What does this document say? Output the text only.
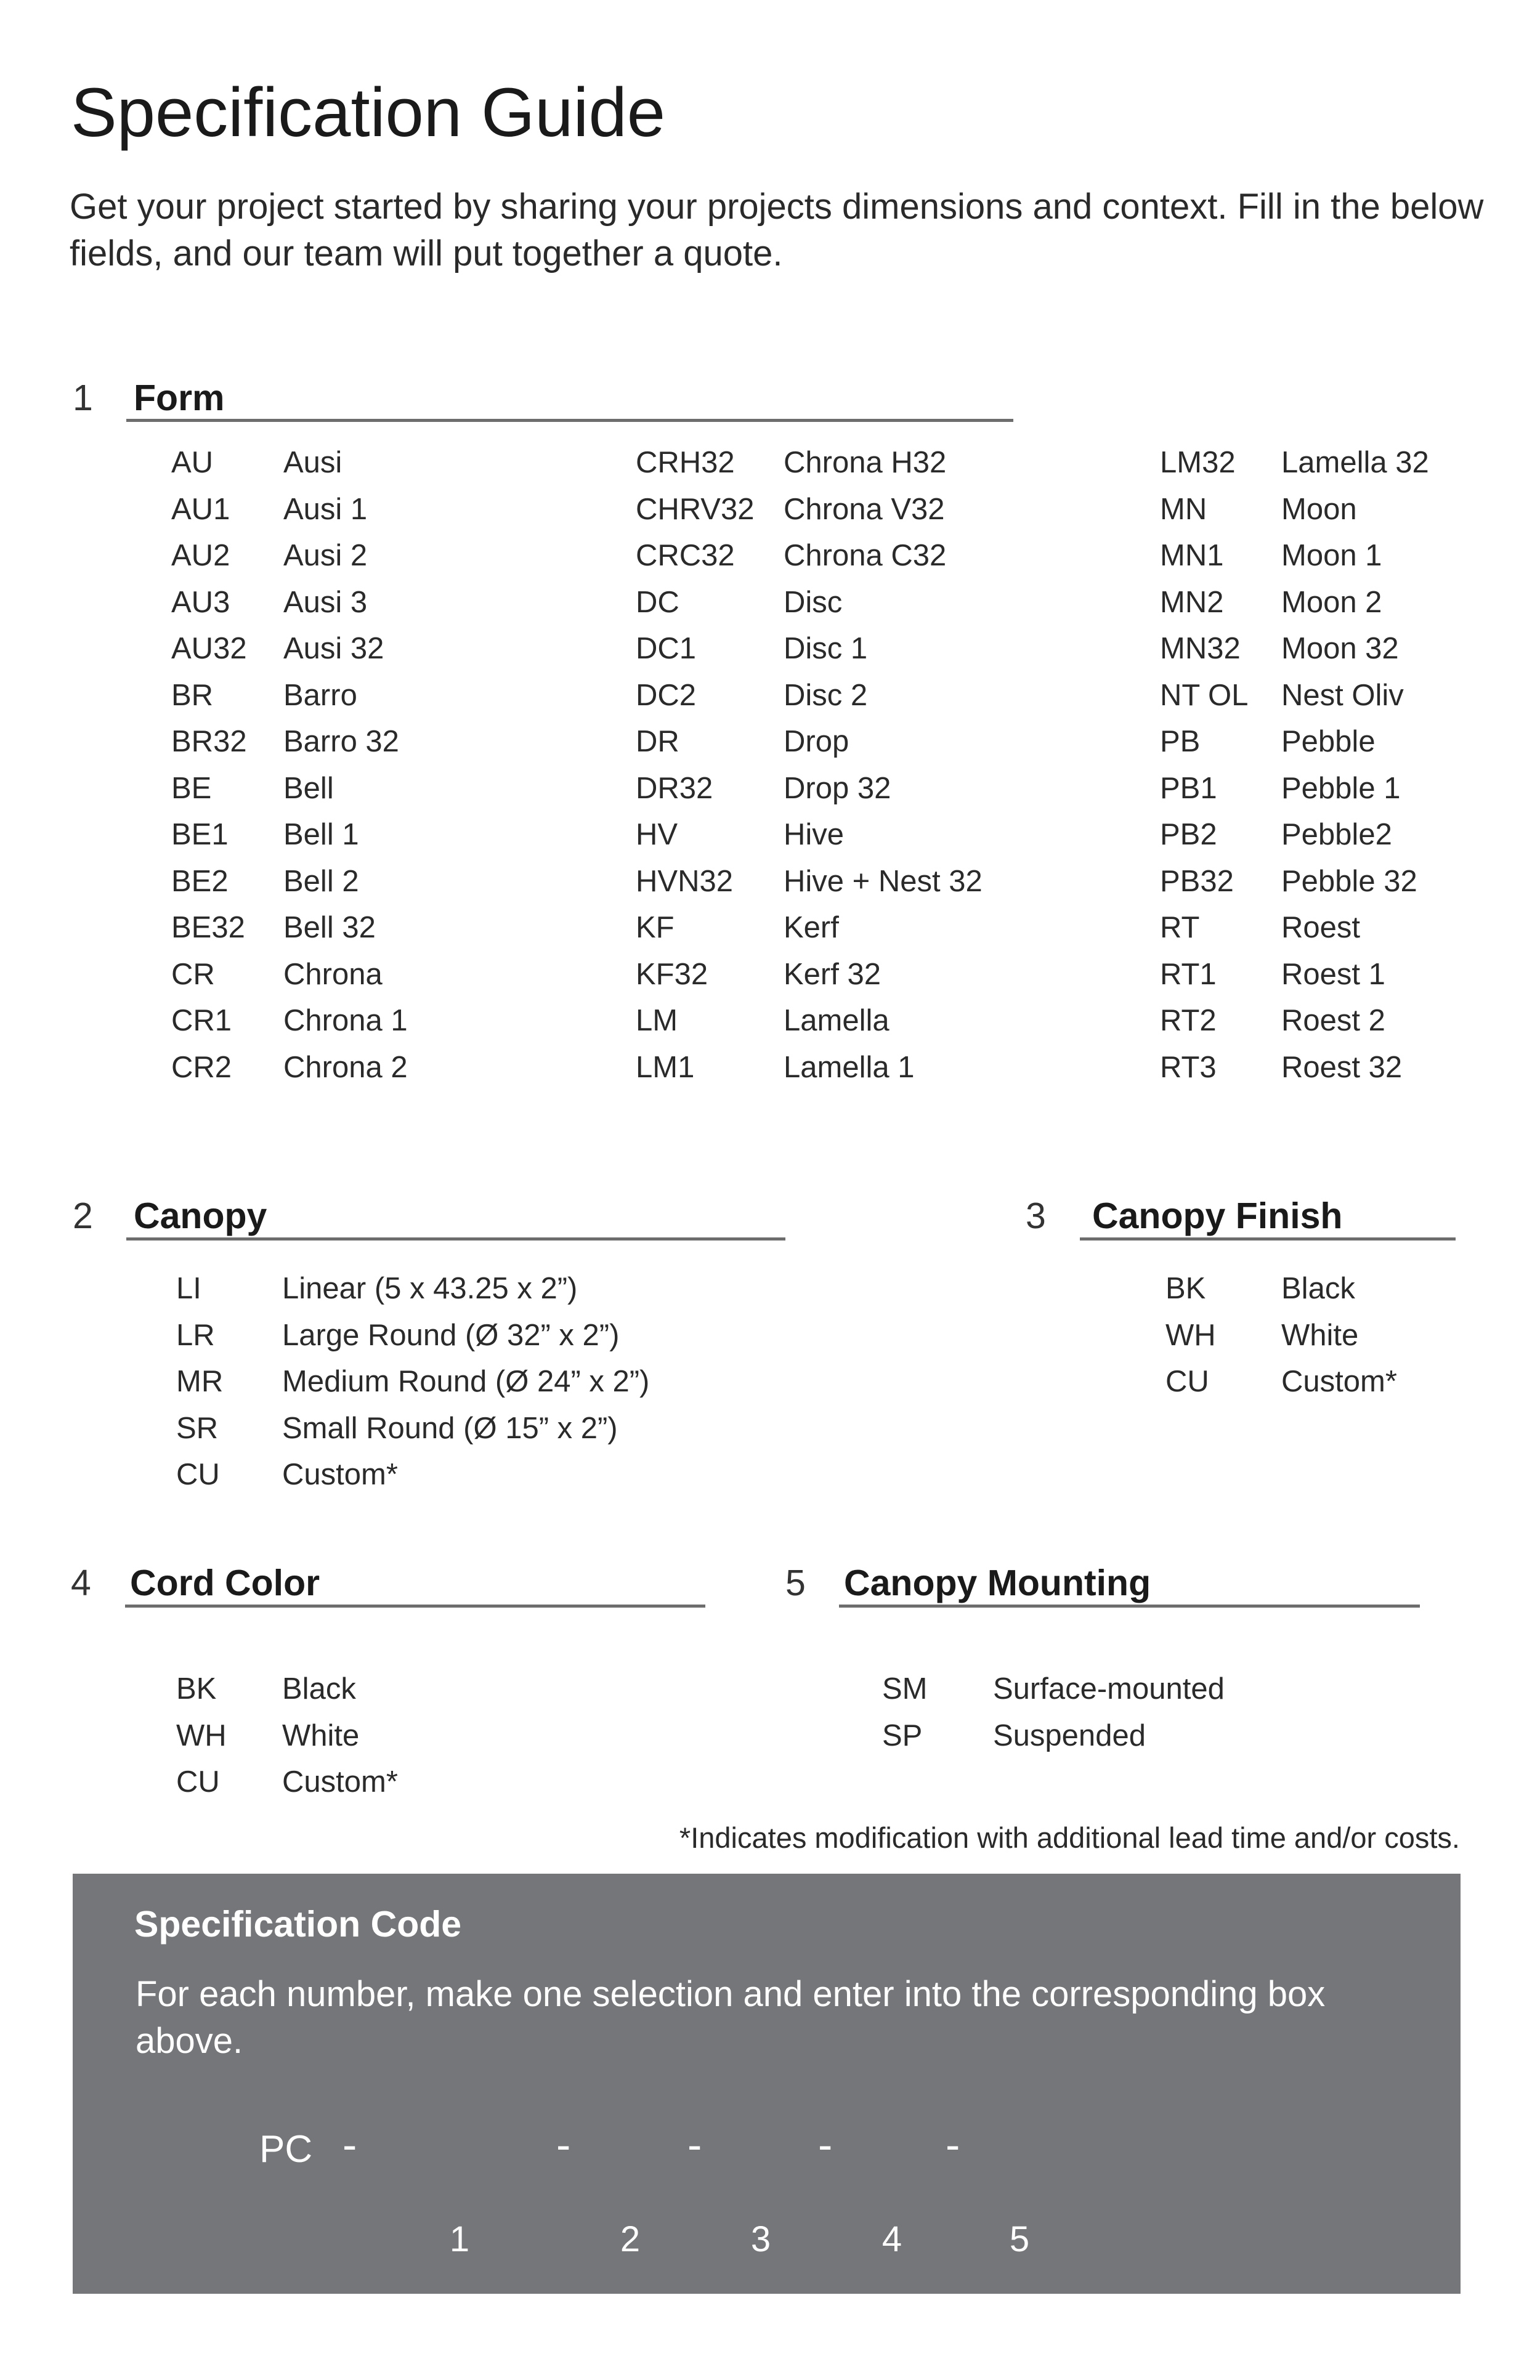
Specification Guide

Get your project started by sharing your projects dimensions and context. Fill in the below fields, and our team will put together a quote.

1 Form
AU Ausi
AU1 Ausi 1
AU2 Ausi 2
AU3 Ausi 3
AU32 Ausi 32
BR Barro
BR32 Barro 32
BE Bell
BE1 Bell 1
BE2 Bell 2
BE32 Bell 32
CR Chrona
CR1 Chrona 1
CR2 Chrona 2
CRH32 Chrona H32
CHRV32 Chrona V32
CRC32 Chrona C32
DC	Disc
DC1	Disc 1
DC2	Disc 2
DR	Drop
DR32 Drop 32
HV	Hive
HVN32 Hive + Nest 32
KF	Kerf
KF32	Kerf 32
LM	Lamella
LM1	Lamella 1
LM32 Lamella 32
MN Moon
MN1 Moon 1
MN2 Moon 2
MN32 Moon 32
NT OL Nest Oliv
PB	Pebble
PB1 Pebble 1
PB2 Pebble2
PB32 Pebble 32
RT	Roest
RT1 Roest 1
RT2 Roest 2
RT3 Roest 32
2 Canopy
LI	Linear (5 x 43.25 x 2”)
LR Large Round (Ø 32” x 2”)
MR Medium Round (Ø 24” x 2”)
SR Small Round (Ø 15” x 2”)
CU Custom*
3 Canopy Finish
BK	Black
WH White
CU Custom*
4 Cord Color
BK Black
WH White
CU Custom*
5 Canopy Mounting
SM Surface-mounted
SP Suspended
*Indicates modification with additional lead time and/or costs.
Specification Code
For each number, make one selection and enter into the corresponding box above.
PC -	-	-	-	-
1	2	3	4	5
